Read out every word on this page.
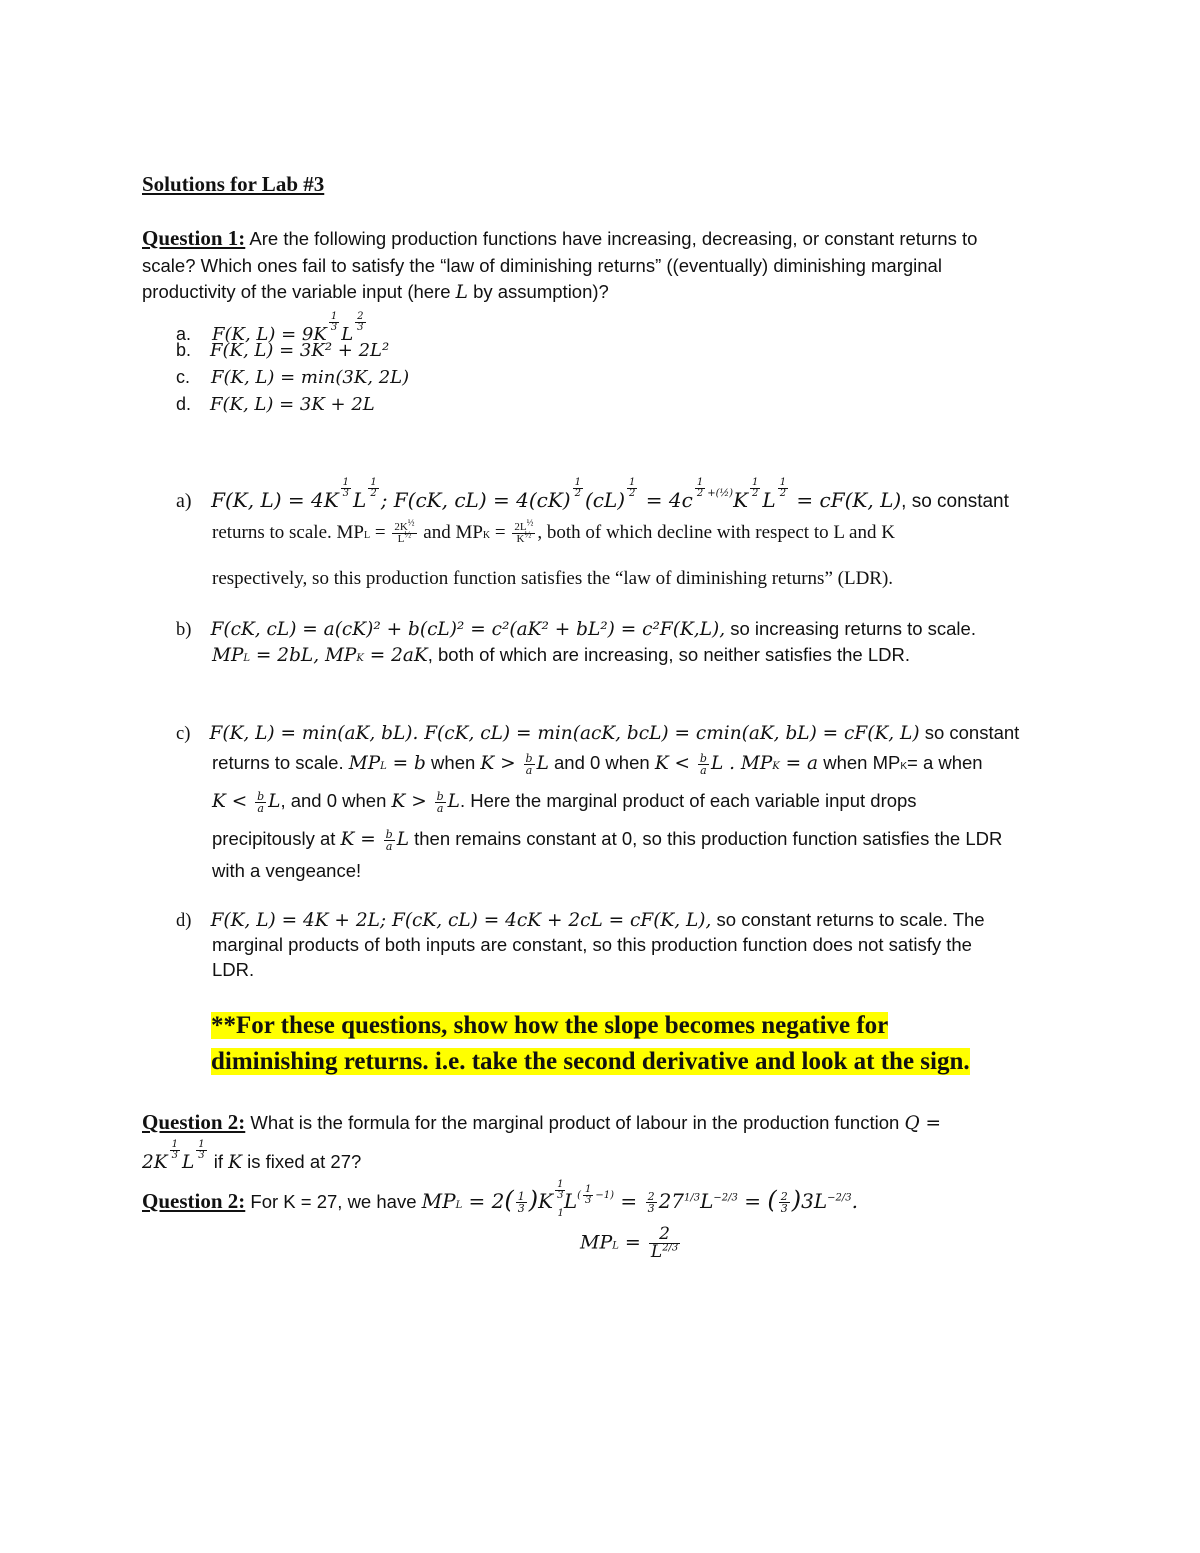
Solutions for Lab #3
Question 1: Are the following production functions have increasing, decreasing, or constant returns to
scale? Which ones fail to satisfy the “law of diminishing returns” ((eventually) diminishing marginal
productivity of the variable input (here L by assumption)?
a. F(K, L) = 9K
$\frac{1}{3}$
L
$\frac{2}{3}$
b. F(K, L) = 3K² + 2L²
c. F(K, L) = min(3K, 2L)
d. F(K, L) = 3K + 2L
a) F(K, $L) = 4K \frac{1}{3}$ L $\frac{1}{2}$ ; F(cK, $cL) = 4(cK) \frac{1}{2} (cL) \frac{1}{2} = 4c \frac{1}{2} ^{+(\frac{1}{2})}K \frac{1}{2}$ L $\frac{1}{2} = cF(K$, L), so constant
returns to scale. MPL = $\frac{2K^{\frac{1}{2}}}{L^{\frac{1}{2}}}$ and MPK = $\frac{2L^{\frac{1}{2}}}{K^{\frac{1}{2}}}$ , both of which decline with respect to L and K
respectively, so this production function satisfies the “law of diminishing returns” (LDR).
b) F(cK, cL) = a(cK)² + b(cL)² = c²(aK² + bL²) = c²F(K,L), so increasing returns to scale.
MPL = 2bL, MPK = 2aK, both of which are increasing, so neither satisfies the LDR.
c) F(K, L) = min(aK, bL). F(cK, cL) = min(acK, bcL) = cmin(aK, bL) = cF(K, L) so constant
returns to scale. MPL = b when $K > \frac{b}{a}$ L and 0 when $K < \frac{b}{a}$ L . MPK = a when MPK= a when
$K < \frac{b}{a} L$, and 0 when $K > \frac{b}{a} L$. Here the marginal product of each variable input drops
precipitously at $K = \frac{b}{a}$ L then remains constant at 0, so this production function satisfies the LDR
with a vengeance!
d) F(K, L) = 4K + 2L; F(cK, cL) = 4cK + 2cL = cF(K, L), so constant returns to scale. The
marginal products of both inputs are constant, so this production function does not satisfy the
LDR.
**For these questions, show how the slope becomes negative for
diminishing returns. i.e. take the second derivative and look at the sign.
Question 2: What is the formula for the marginal product of labour in the production function Q =
2K
$\frac{1}{3}$
L
$\frac{1}{3}$
if K is fixed at 27?
Question 2: For K = 27, we have MPL = $2( \frac{1}{3} )K \frac{1}{3}$
$_1L^{( \frac{1}{3} -1)} = \frac{2}{3} 27^{1/3}L^{-2/3}$ = ( $\frac{2}{3} )3L^{-2/3}$.
MPL = $\frac{2}{L^{2/3}}$
